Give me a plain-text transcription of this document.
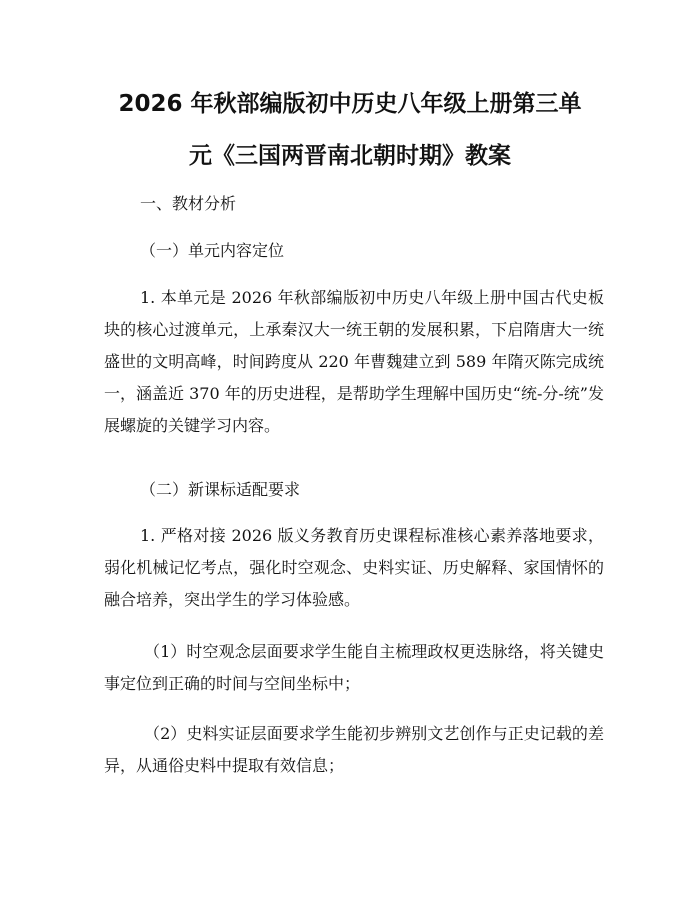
2026 年秋部编版初中历史八年级上册第三单
元《三国两晋南北朝时期》教案
一、教材分析
（一）单元内容定位
1. 本单元是 2026 年秋部编版初中历史八年级上册中国古代史板块的核心过渡单元，上承秦汉大一统王朝的发展积累，下启隋唐大一统盛世的文明高峰，时间跨度从 220 年曹魏建立到 589 年隋灭陈完成统一，涵盖近 370 年的历史进程，是帮助学生理解中国历史“统-分-统”发展螺旋的关键学习内容。
（二）新课标适配要求
1. 严格对接 2026 版义务教育历史课程标准核心素养落地要求，弱化机械记忆考点，强化时空观念、史料实证、历史解释、家国情怀的融合培养，突出学生的学习体验感。
（1）时空观念层面要求学生能自主梳理政权更迭脉络，将关键史事定位到正确的时间与空间坐标中；
（2）史料实证层面要求学生能初步辨别文艺创作与正史记载的差异，从通俗史料中提取有效信息；
